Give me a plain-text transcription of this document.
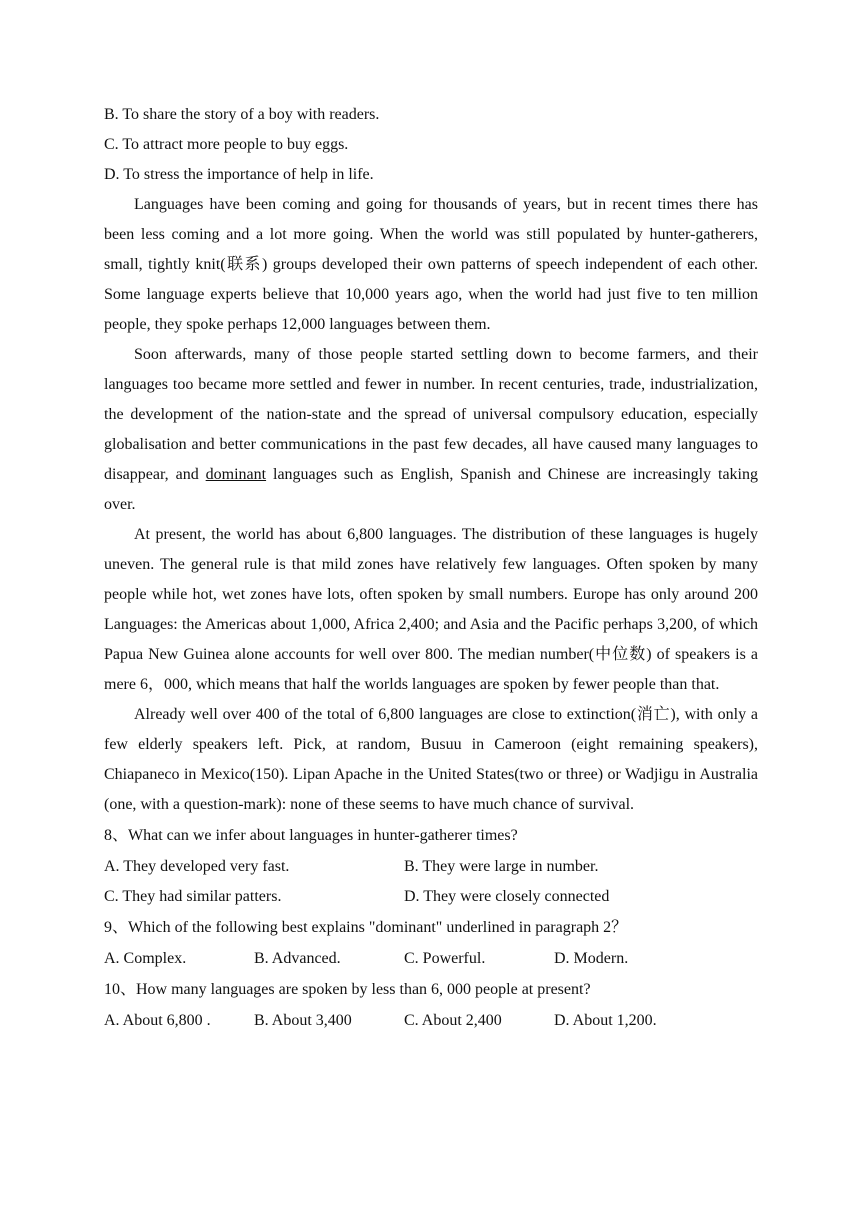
B. To share the story of a boy with readers.
C. To attract more people to buy eggs.
D. To stress the importance of help in life.

Languages have been coming and going for thousands of years, but in recent times there has been less coming and a lot more going. When the world was still populated by hunter-gatherers, small, tightly knit(联系) groups developed their own patterns of speech independent of each other. Some language experts believe that 10,000 years ago, when the world had just five to ten million people, they spoke perhaps 12,000 languages between them.

Soon afterwards, many of those people started settling down to become farmers, and their languages too became more settled and fewer in number. In recent centuries, trade, industrialization, the development of the nation-state and the spread of universal compulsory education, especially globalisation and better communications in the past few decades, all have caused many languages to disappear, and dominant languages such as English, Spanish and Chinese are increasingly taking over.

At present, the world has about 6,800 languages. The distribution of these languages is hugely uneven. The general rule is that mild zones have relatively few languages. Often spoken by many people while hot, wet zones have lots, often spoken by small numbers. Europe has only around 200 Languages: the Americas about 1,000, Africa 2,400; and Asia and the Pacific perhaps 3,200, of which Papua New Guinea alone accounts for well over 800. The median number(中位数) of speakers is a mere 6，000, which means that half the worlds languages are spoken by fewer people than that.

Already well over 400 of the total of 6,800 languages are close to extinction(消亡), with only a few elderly speakers left. Pick, at random, Busuu in Cameroon (eight remaining speakers), Chiapaneco in Mexico(150). Lipan Apache in the United States(two or three) or Wadjigu in Australia (one, with a question-mark): none of these seems to have much chance of survival.

8、What can we infer about languages in hunter-gatherer times?
A. They developed very fast.	B. They were large in number.
C. They had similar patters.	D. They were closely connected
9、Which of the following best explains "dominant" underlined in paragraph 2？
A. Complex.	B. Advanced.	C. Powerful.	D. Modern.
10、How many languages are spoken by less than 6, 000 people at present?
A. About 6,800 .	B. About 3,400	C. About 2,400	D. About 1,200.
